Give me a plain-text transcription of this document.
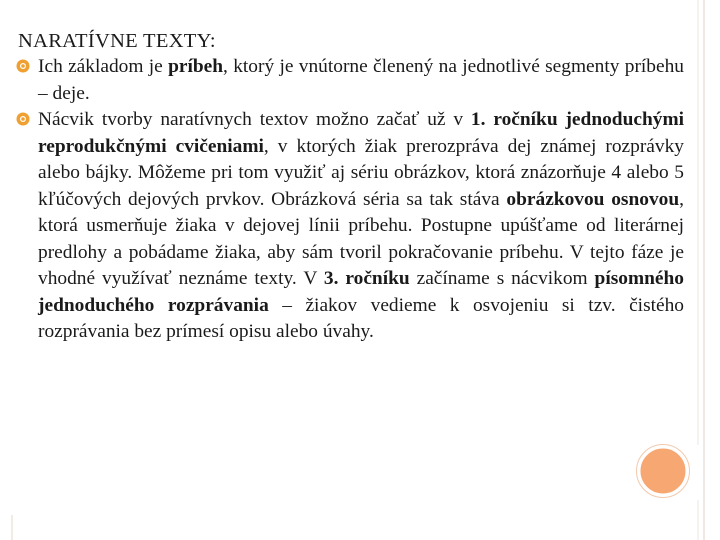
NARATÍVNE TEXTY:

Ich základom je príbeh, ktorý je vnútorne členený na jednotlivé segmenty príbehu – deje.

Nácvik tvorby naratívnych textov možno začať už v 1. ročníku jednoduchými reprodukčnými cvičeniami, v ktorých žiak prerozpráva dej známej rozprávky alebo bájky. Môžeme pri tom využiť aj sériu obrázkov, ktorá znázorňuje 4 alebo 5 kľúčových dejových prvkov. Obrázková séria sa tak stáva obrázkovou osnovou, ktorá usmerňuje žiaka v dejovej línii príbehu. Postupne upúšťame od literárnej predlohy a pobádame žiaka, aby sám tvoril pokračovanie príbehu. V tejto fáze je vhodné využívať neznáme texty. V 3. ročníku začíname s nácvikom písomného jednoduchého rozprávania – žiakov vedieme k osvojeniu si tzv. čistého rozprávania bez prímesí opisu alebo úvahy.
